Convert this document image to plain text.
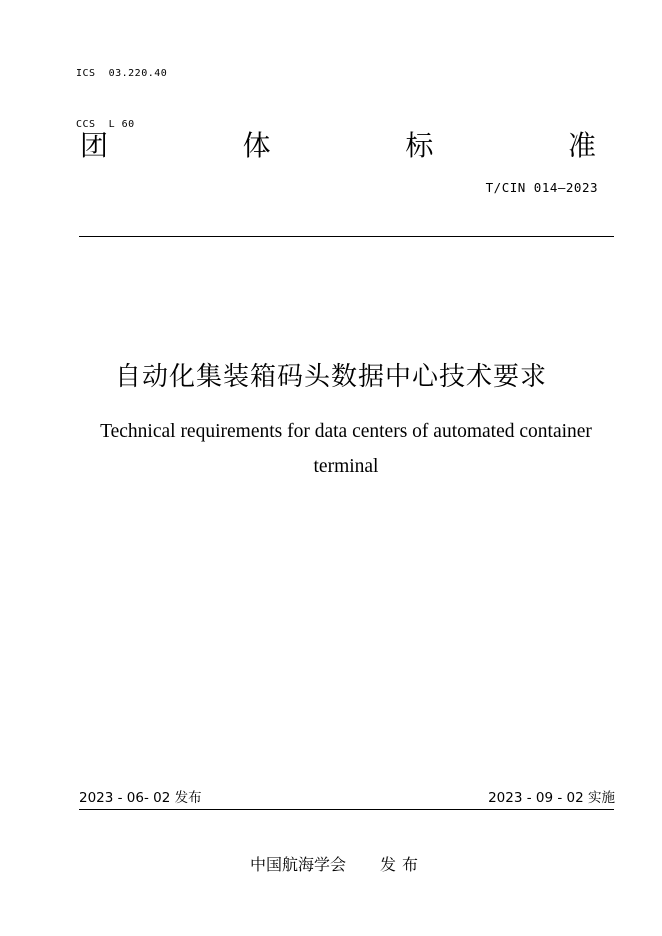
ICS  03.220.40

CCS  L 60

团	体	标	准
T/CIN 014—2023
自动化集装箱码头数据中心技术要求
Technical requirements for data centers of automated container terminal
2023 - 06- 02 发布	2023 - 09 - 02 实施
中国航海学会 发布
